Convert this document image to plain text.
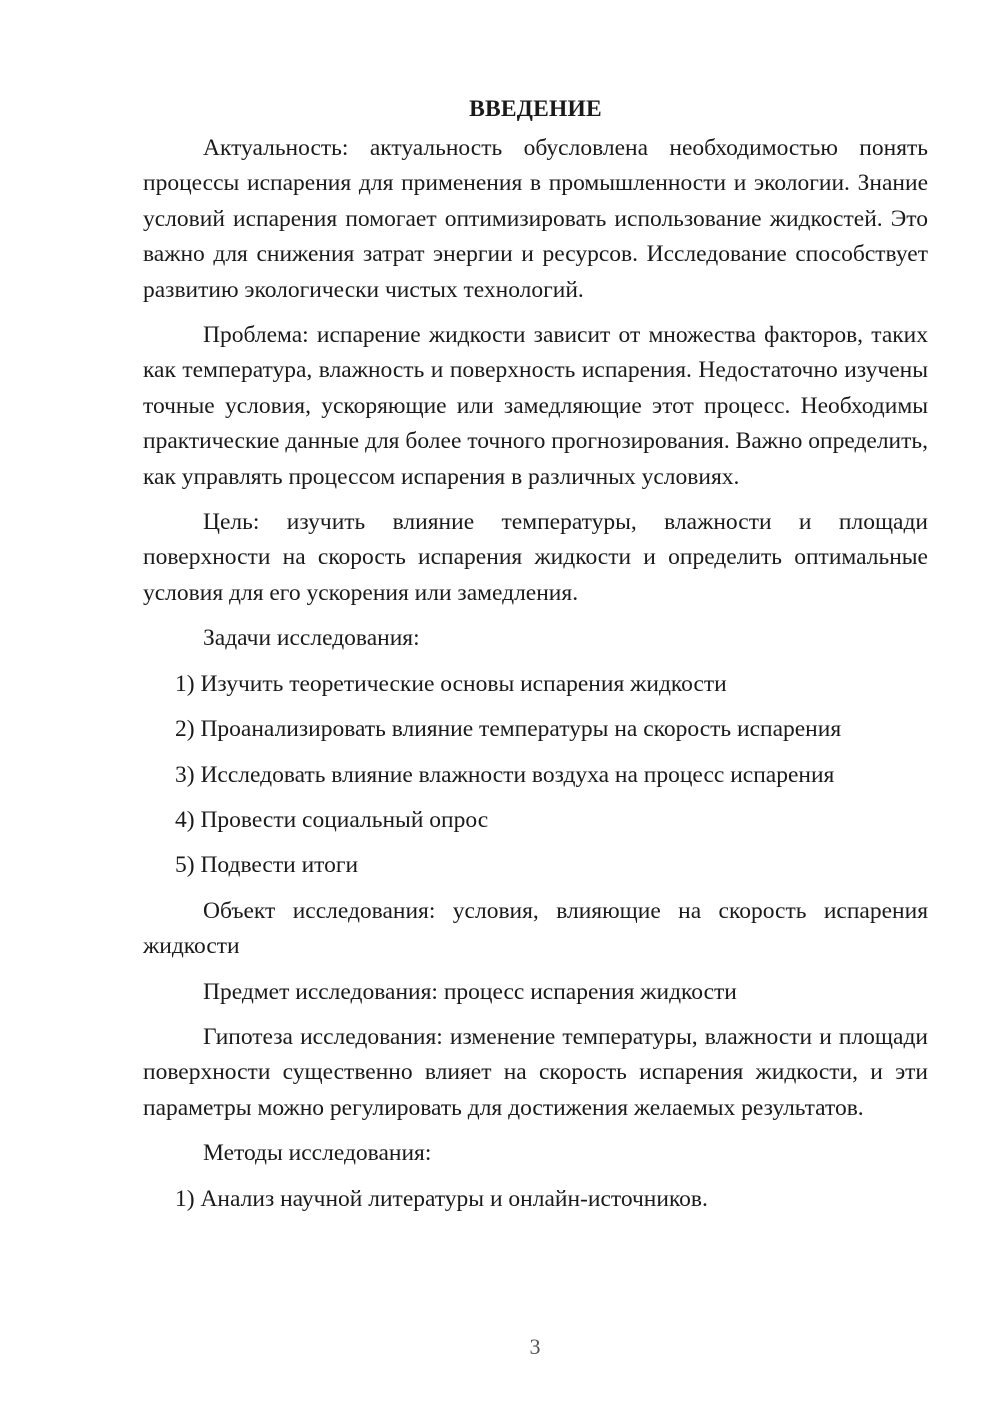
ВВЕДЕНИЕ

Актуальность: актуальность обусловлена необходимостью понять процессы испарения для применения в промышленности и экологии. Знание условий испарения помогает оптимизировать использование жидкостей. Это важно для снижения затрат энергии и ресурсов. Исследование способствует развитию экологически чистых технологий.

Проблема: испарение жидкости зависит от множества факторов, таких как температура, влажность и поверхность испарения. Недостаточно изучены точные условия, ускоряющие или замедляющие этот процесс. Необходимы практические данные для более точного прогнозирования. Важно определить, как управлять процессом испарения в различных условиях.

Цель: изучить влияние температуры, влажности и площади поверхности на скорость испарения жидкости и определить оптимальные условия для его ускорения или замедления.

Задачи исследования:

1) Изучить теоретические основы испарения жидкости

2) Проанализировать влияние температуры на скорость испарения

3) Исследовать влияние влажности воздуха на процесс испарения

4) Провести социальный опрос

5) Подвести итоги

Объект исследования: условия, влияющие на скорость испарения жидкости

Предмет исследования: процесс испарения жидкости

Гипотеза исследования: изменение температуры, влажности и площади поверхности существенно влияет на скорость испарения жидкости, и эти параметры можно регулировать для достижения желаемых результатов.

Методы исследования:

1) Анализ научной литературы и онлайн-источников.

3
